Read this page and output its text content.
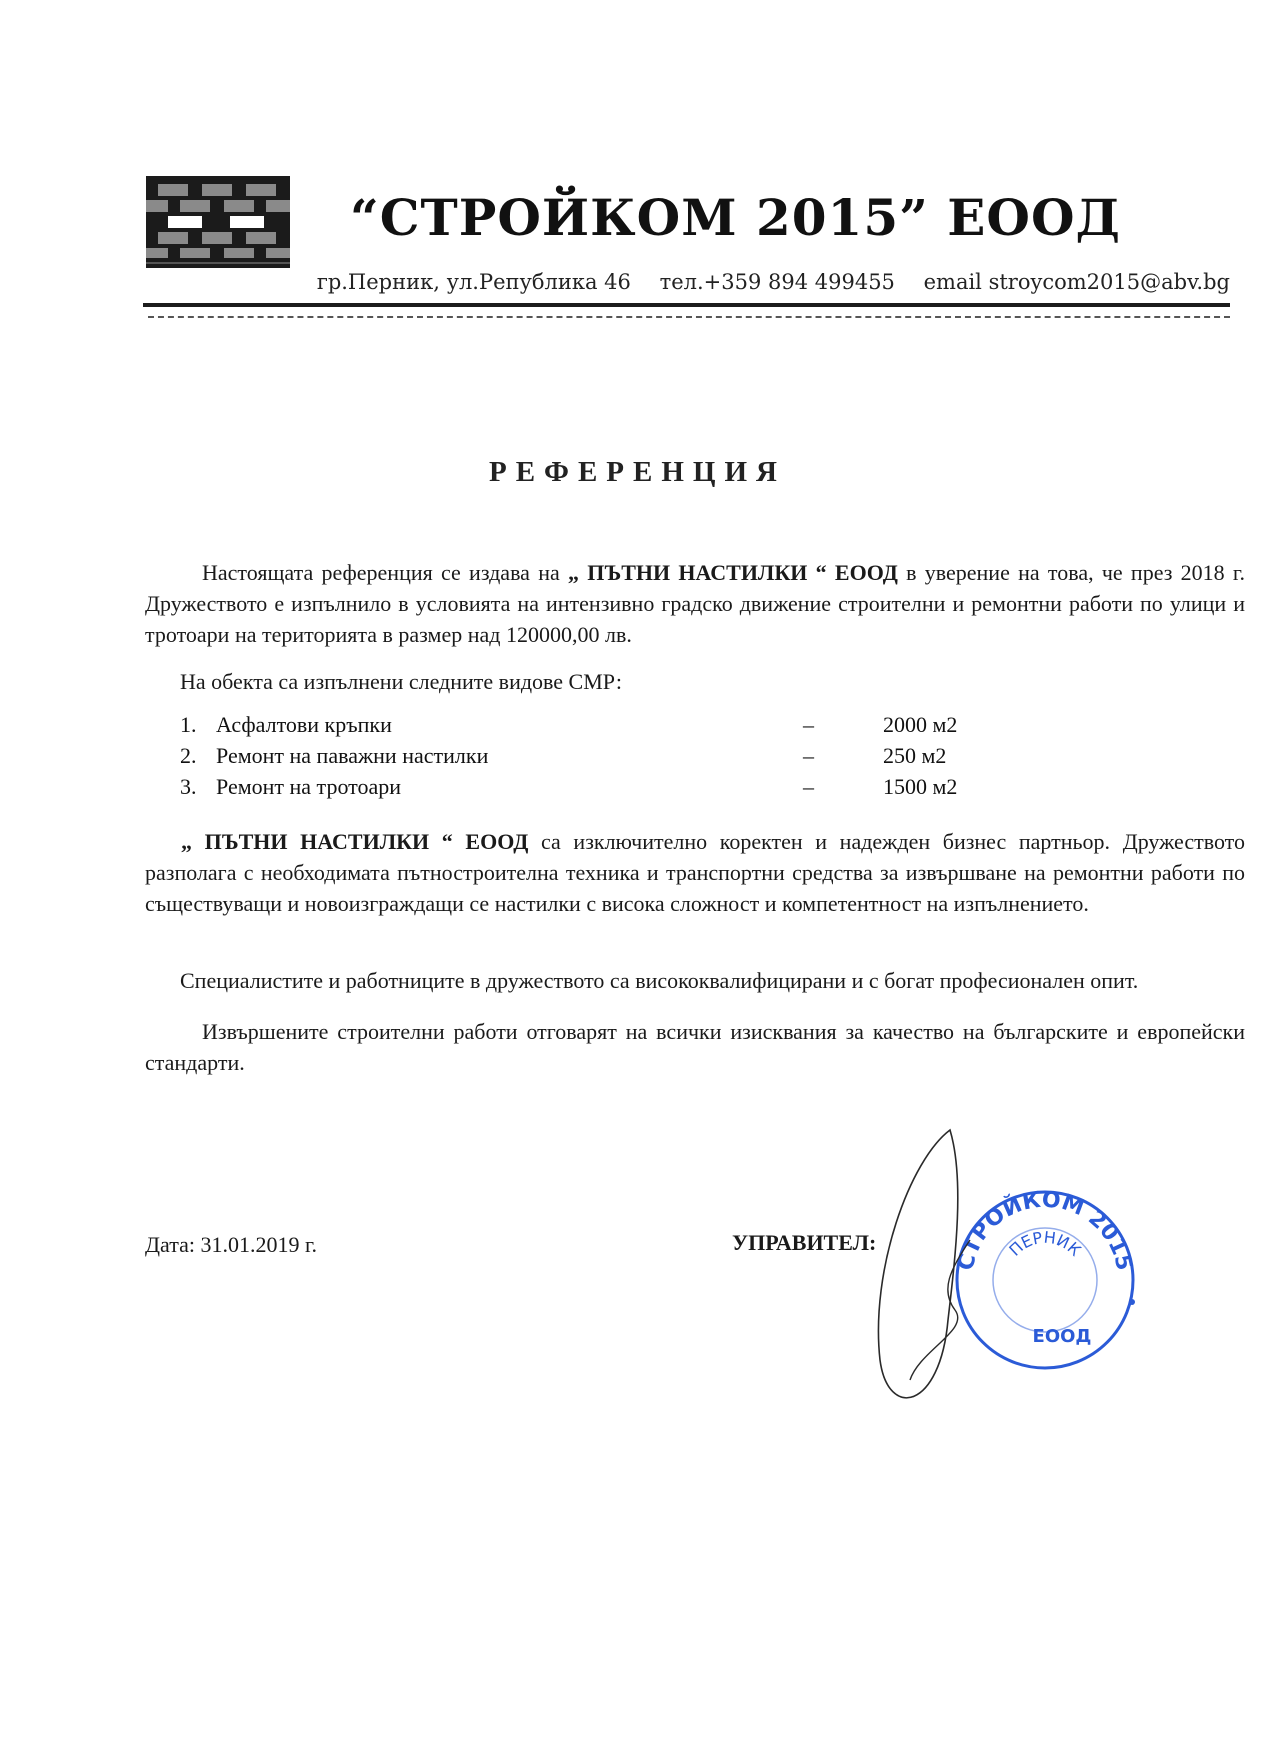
“СТРОЙКОМ 2015” ЕООД
гр.Перник, ул.Република 46 тел.+359 894 499455 email stroycom2015@abv.bg
РЕФЕРЕНЦИЯ
Настоящата референция се издава на „ ПЪТНИ НАСТИЛКИ “ ЕООД в уверение на това, че през 2018 г. Дружеството е изпълнило в условията на интензивно градско движение строителни и ремонтни работи по улици и тротоари на територията в размер над 120000,00 лв.
На обекта са изпълнени следните видове СМР:
1. Асфалтови кръпки	–	2000 м2
2. Ремонт на паважни настилки	–	250 м2
3. Ремонт на тротоари	–	1500 м2
„ ПЪТНИ НАСТИЛКИ “ ЕООД са изключително коректен и надежден бизнес партньор. Дружеството разполага с необходимата пътностроителна техника и транспортни средства за извършване на ремонтни работи по съществуващи и новоизграждащи се настилки с висока сложност и компетентност на изпълнението.
Специалистите и работниците в дружеството са висококвалифицирани и с богат професионален опит.
Извършените строителни работи отговарят на всички изисквания за качество на българските и европейски стандарти.
Дата: 31.01.2019 г.	УПРАВИТЕЛ:
СТРОЙКОМ 2015
ПЕРНИК
ЕООД
